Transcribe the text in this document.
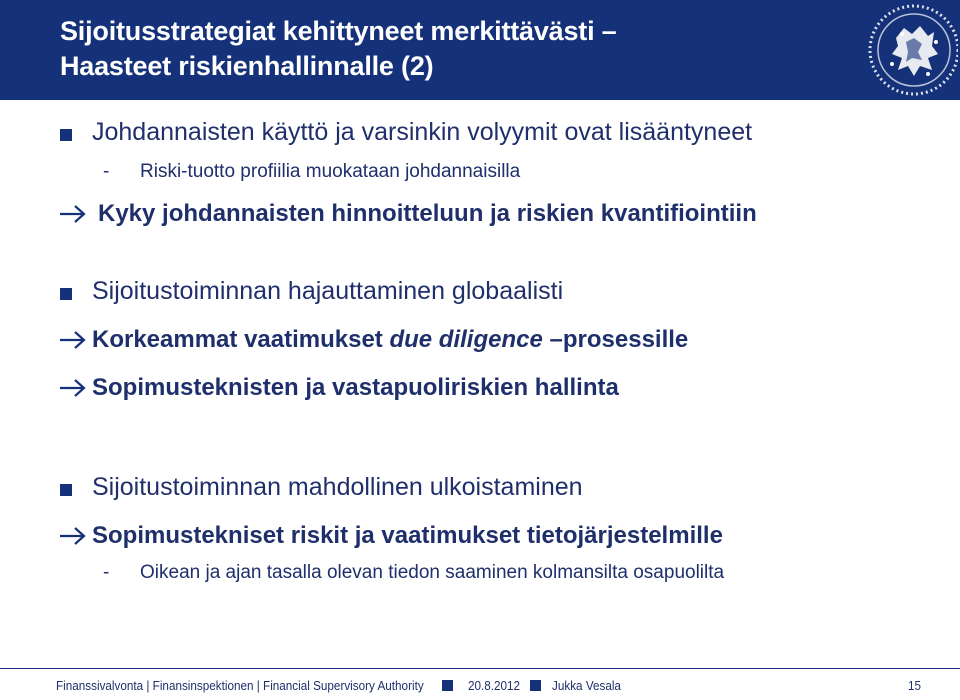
Sijoitusstrategiat kehittyneet merkittävästi –
Haasteet riskienhallinnalle (2)
Johdannaisten käyttö ja varsinkin volyymit ovat lisääntyneet
- Riski-tuotto profiilia muokataan johdannaisilla
Kyky johdannaisten hinnoitteluun ja riskien kvantifiointiin
Sijoitustoiminnan hajauttaminen globaalisti
Korkeammat vaatimukset due diligence –prosessille
Sopimusteknisten ja vastapuoliriskien hallinta
Sijoitustoiminnan mahdollinen ulkoistaminen
Sopimustekniset riskit ja vaatimukset tietojärjestelmille
- Oikean ja ajan tasalla olevan tiedon saaminen kolmansilta osapuolilta
Finanssivalvonta | Finansinspektionen | Financial Supervisory Authority	20.8.2012 Jukka Vesala	15
